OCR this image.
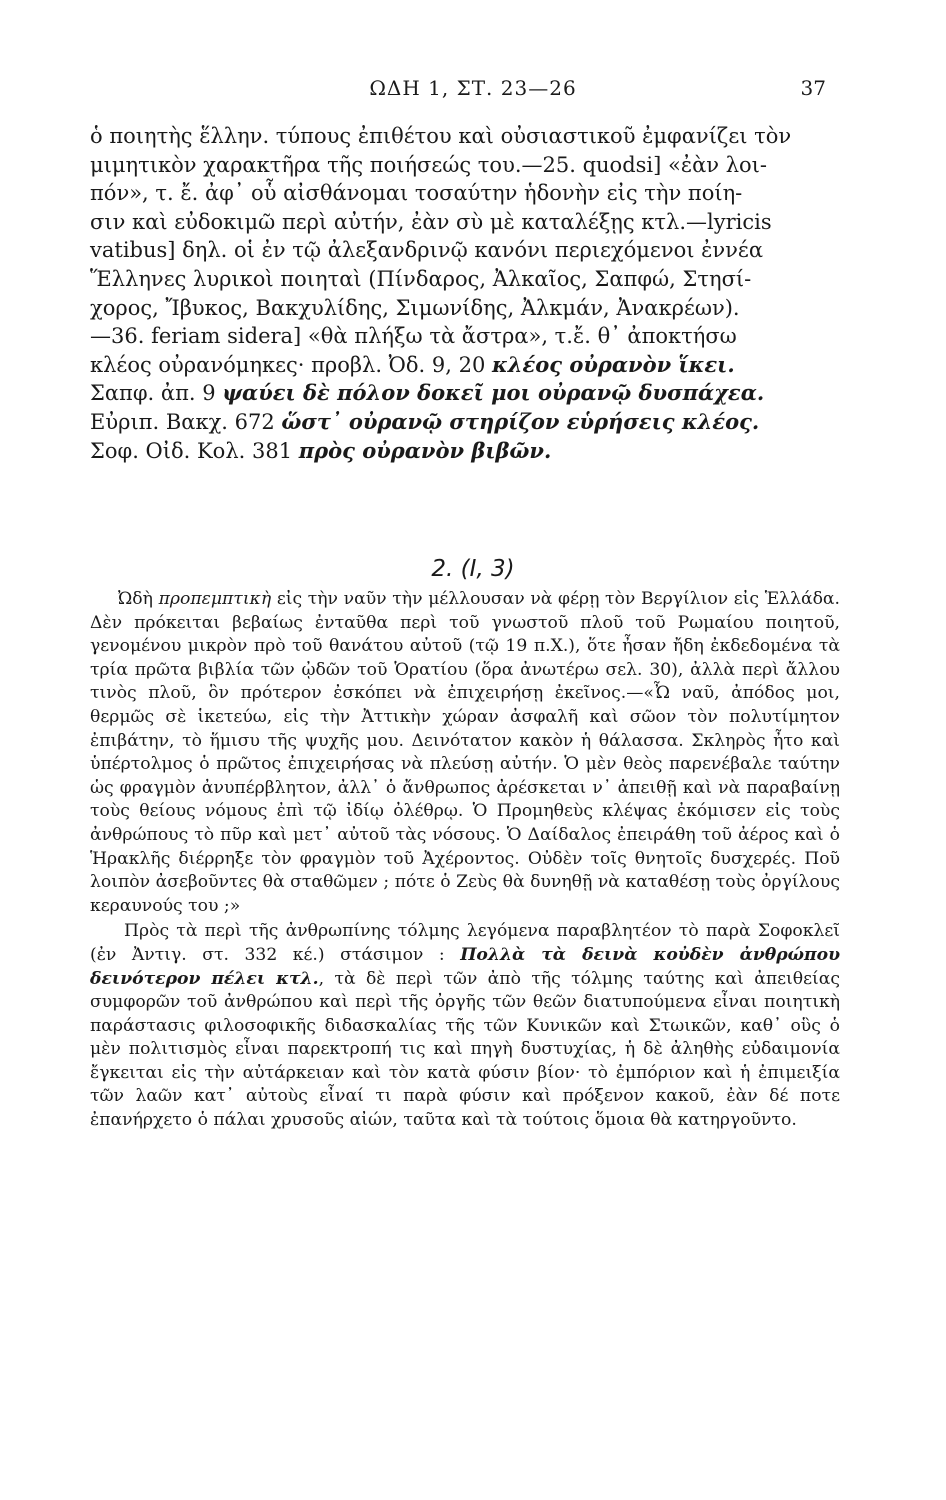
ΩΔΗ 1, ΣΤ. 23—26	37
ὁ ποιητὴς ἕλλην. τύπους ἐπιθέτου καὶ οὐσιαστικοῦ ἐμφανίζει τὸν
μιμητικὸν χαρακτῆρα τῆς ποιήσεώς του.—25. quodsi] «ἐὰν λοι-
πόν», τ. ἔ. ἀφ᾽ οὗ αἰσθάνομαι τοσαύτην ἡδονὴν εἰς τὴν ποίη-
σιν καὶ εὐδοκιμῶ περὶ αὐτήν, ἐὰν σὺ μὲ καταλέξῃς κτλ.—lyricis
vatibus] δηλ. οἱ ἐν τῷ ἀλεξανδρινῷ κανόνι περιεχόμενοι ἐννέα
Ἕλληνες λυρικοὶ ποιηταὶ (Πίνδαρος, Ἀλκαῖος, Σαπφώ, Στησί-
χορος, Ἴβυκος, Βακχυλίδης, Σιμωνίδης, Ἀλκμάν, Ἀνακρέων).
—36. feriam sidera] «θὰ πλήξω τὰ ἄστρα», τ.ἔ. θ᾽ ἀποκτήσω
κλέος οὐρανόμηκες· προβλ. Ὀδ. 9, 20 κλέος οὐρανὸν ἵκει.
Σαπφ. ἀπ. 9 ψαύει δὲ πόλον δοκεῖ μοι οὐρανῷ δυσπάχεα.
Εὐριπ. Βακχ. 672 ὥστ᾽ οὐρανῷ στηρίζον εὑρήσεις κλέος.
Σοφ. Οἰδ. Κολ. 381 πρὸς οὐρανὸν βιβῶν.
2. (I, 3)

Ὠδὴ προπεμπτικὴ εἰς τὴν ναῦν τὴν μέλλουσαν νὰ φέρῃ τὸν Βεργίλιον εἰς Ἑλλάδα. Δὲν πρόκειται βεβαίως ἐνταῦθα περὶ τοῦ γνωστοῦ πλοῦ τοῦ Ρωμαίου ποιητοῦ, γενομένου μικρὸν πρὸ τοῦ θανάτου αὐτοῦ (τῷ 19 π.Χ.), ὅτε ἦσαν ἤδη ἐκδεδομένα τὰ τρία πρῶτα βιβλία τῶν ᾠδῶν τοῦ Ὁρατίου (ὅρα ἀνωτέρω σελ. 30), ἀλλὰ περὶ ἄλλου τινὸς πλοῦ, ὃν πρότερον ἐσκόπει νὰ ἐπιχειρήσῃ ἐκεῖνος.—«Ὦ ναῦ, ἀπόδος μοι, θερμῶς σὲ ἱκετεύω, εἰς τὴν Ἀττικὴν χώραν ἀσφαλῆ καὶ σῶον τὸν πολυτίμητον ἐπιβάτην, τὸ ἥμισυ τῆς ψυχῆς μου. Δεινότατον κακὸν ἡ θάλασσα. Σκληρὸς ἦτο καὶ ὑπέρτολμος ὁ πρῶτος ἐπιχειρήσας νὰ πλεύσῃ αὐτήν. Ὁ μὲν θεὸς παρενέβαλε ταύτην ὡς φραγμὸν ἀνυπέρβλητον, ἀλλ᾽ ὁ ἄνθρωπος ἀρέσκεται ν᾽ ἀπειθῇ καὶ νὰ παραβαίνῃ τοὺς θείους νόμους ἐπὶ τῷ ἰδίῳ ὀλέθρῳ. Ὁ Προμηθεὺς κλέψας ἐκόμισεν εἰς τοὺς ἀνθρώπους τὸ πῦρ καὶ μετ᾽ αὐτοῦ τὰς νόσους. Ὁ Δαίδαλος ἐπειράθη τοῦ ἀέρος καὶ ὁ Ἡρακλῆς διέρρηξε τὸν φραγμὸν τοῦ Ἀχέροντος. Οὐδὲν τοῖς θνητοῖς δυσχερές. Ποῦ λοιπὸν ἀσεβοῦντες θὰ σταθῶμεν ; πότε ὁ Ζεὺς θὰ δυνηθῇ νὰ καταθέσῃ τοὺς ὀργίλους κεραυνούς του ;»

Πρὸς τὰ περὶ τῆς ἀνθρωπίνης τόλμης λεγόμενα παραβλητέον τὸ παρὰ Σοφοκλεῖ (ἐν Ἀντιγ. στ. 332 κέ.) στάσιμον : Πολλὰ τὰ δεινὰ κοὐδὲν ἀνθρώπου δεινότερον πέλει κτλ., τὰ δὲ περὶ τῶν ἀπὸ τῆς τόλμης ταύτης καὶ ἀπειθείας συμφορῶν τοῦ ἀνθρώπου καὶ περὶ τῆς ὀργῆς τῶν θεῶν διατυπούμενα εἶναι ποιητικὴ παράστασις φιλοσοφικῆς διδασκαλίας τῆς τῶν Κυνικῶν καὶ Στωικῶν, καθ᾽ οὓς ὁ μὲν πολιτισμὸς εἶναι παρεκτροπή τις καὶ πηγὴ δυστυχίας, ἡ δὲ ἀληθὴς εὐδαιμονία ἔγκειται εἰς τὴν αὐτάρκειαν καὶ τὸν κατὰ φύσιν βίον· τὸ ἐμπόριον καὶ ἡ ἐπιμειξία τῶν λαῶν κατ᾽ αὐτοὺς εἶναί τι παρὰ φύσιν καὶ πρόξενον κακοῦ, ἐὰν δέ ποτε ἐπανήρχετο ὁ πάλαι χρυσοῦς αἰών, ταῦτα καὶ τὰ τούτοις ὅμοια θὰ κατηργοῦντο.
